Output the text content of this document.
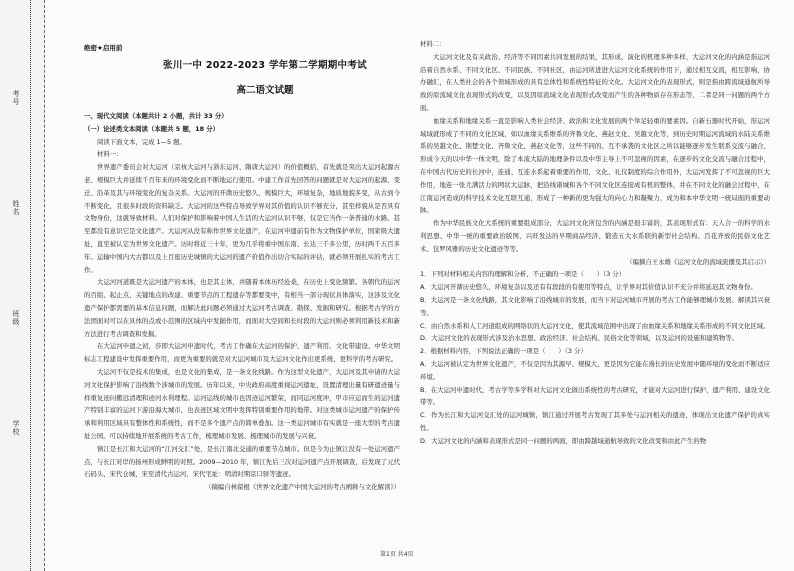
考号
姓名
班级
学校
绝密★启用前
张川一中 2022-2023 学年第二学期期中考试
高二语文试题

一、现代文阅读（本题共计 2 小题，共计 33 分）

（一）论述类文本阅读（本题共 5 题，18 分）

阅读下面文本，完成 1—5 题。

材料一：

世界遗产委员会对大运河（京杭大运河与浙东运河、隋唐大运河）的价值概括，首先就是突出大运河起源古老、规模巨大并延续千百年来的环境变化而不断地运行使用。中建工作首先回答的问题就是对大运河的起源、变迁、沿革及其与环境变化的复杂关系。大运河的开凿历史悠久、规模巨大，环境复杂，地质地貌多变，从古到今不断变化，且很多时段的资料缺乏。大运河的这些特点导致学界对其价值的认识不够充分，甚至样貌从是否具有文物身份，这就导致材料。人们对保护和影响着中国人生活的大运河认识不够，仅是它当作一条普通的水路。甚至都没有意识它是文化遗产。大运河从没有称作世界文化遗产，在运河申遗前有作为文物保护单位，国家级大遗址，直至被认定为世界文化遗产。历时将近三十年，更为几乎将重中国东南、长达三千多公里，历时两千五百多年。运输中国内大古都以及上百座历史城镇的大运河的遗产价值作出切合实际的评估，就必须开展扎实的考古工作。

大运河河道既是大运河遗产的本体，也是其主体，并随着本体历经沧桑，在历史上变化频繁。各朝代的运河的百组、起止点、关键地点的改建、重要节点的工程遗存等都要变中，有相当一部分现状具体落实，这涉及文化遗产保护都需要的基本信息问题，而解决此问题必须通过大运河考古调查、勘探、发掘和研究。根据考古学的方法团面对可以在具体的点或小范围的区域内中发掘作用，而面对大空间和长时段的大运河则必须利用新技术和新方法进行考古调查和发掘。

在大运河申遗之初，莎即大运河申遗时代，考古工作确在大运河的保护、遗产利用、文化带建设、中华文明标志工程建设中发挥重要作用，而更为重要的就是对大运河城市及大运河文化作出更系统、更科学的考古研究。

大运河不仅是技术的集成，也是文化的集成，是一条文化线路。作为这型文化遗产，大运河及其申请的大运河文化保护影响了沿线数个涉城市的发展。历年以来，中央政府高度重视运河遗址，设置清理出量有研遗迹量与样重复迹问搬远清理和迹河水利理程。运河运线的城市也因迹运河繁荣，而同运河度冲，甲市应运而生的运河遗产特别丰富的运河下游沿海大城市，也表迹区域文明中发挥特别重要作用的地带。对这类城市运河遗产的保护传承和利用区域具有整体性和系统性，而不是多个遗产点的简单叠加。这一类运河城市有实就是一座大型的考古遗址公园。可以持续地开展系统的考古工作，梳理城市发展、梳理城市的发展与兴衰。

镇江是长江和大运河的“江河交汇”处，是长江南北交通的重要节点城市。但是今为止镇江没有一处运河遗产点，与长江对岸的扬州形成鲜明的对照。2009—2010 年，镇江先后三次对运河遗产点开展调查，后发现了元代石码头、宋代仓城、宋至清代古运河、宋代宅址：明清时期京口驿等遗迹。

（摘编自林留根《世界文化遗产中国大运河的考古阐释与文化解读》）

材料二：

大运河文化及有关政治、经济等不同因素共同发展的结果，其形成、演化的机理多种多样，大运河文化的内涵是指运河沿着自然水系、不同文化区、不同民族、不同社区，由运河所进进大运河文化系统的作用下，通过相互交流，相互影响，协办融汇，在人类社会的各个领域形成的具有总体性和系统性特征的文化。大运河文化的表现形式，则是指由跨流域通航所导致的原流域文化表现形式的改变，以及因原流域文化表现形式改变而产生的各种物质存在形态等，二者是同一问题的两个方面。

血缘关系和地缘关系一直是影响人类社会经济、政治和文化发展的两个举足轻重的要素因。自新石器时代开始，形运河域域就形成了不同的文化区域，如以血缘关系维系的齐鲁文化、燕赵文化、吴越文化等，到历史时期运河流域的水陆关系维系的吴越文化、荆楚文化、齐鲁文化，燕赵文化等，这些不同的、互不承袭的文化区之所以能够逐步发生联系交流与融合，形成今天的以中华一体文明，除了本流大陆的地理条件以及中华主导上不可忽视的因素，在逐步的文化交流与融合过程中，在中国古代历史的长河中，连通、互连水系起着重要的作用，文化、礼仪制度的综合作用外，大运河发挥了不可忽视的巨大作用，地连一张尤满活力的网状大运脉，把沿线诸城和各个不同文化区连接成有机的整体，并在不同文化的融会过程中，在江南运河造成的科学技术文化互联互通，形成了一种新的更为强大的向心力和凝聚力，成为和本中华文明一统局面的重要动脉。

作为中华民族文化大系统的重要组成部分，大运河文化所包含的内涵是很丰富的，其表现形式有：天人合一的科学的水利思想、中华一统的重要政治版图、兴旺发达的早期商品经济、锻造五大水系联的新型社会结构、百花齐放的民俗文化艺术、包罗风雅的历史文化遗迹等等。

（编摘自王永雄《运河文化的流域流播及其启示》）

1．下列对材料相关内容的理解和分析，不正确的一项是（　　）（3 分）

A．大运河开凿历史悠久、环境复杂以及还有有段段的有使用等特点，让学界对其价值认识不充分并将延迟其文物身份。

B．大运河是一条文化线路，其文化影响了沿线城市的发展，而当下对运河城市开展的考古工作能够理城市发展、解读其兴衰等。

C．由自然水系和人工河道组成的网络状的大运河文化，使其流域范围中出现了由血缘关系和地缘关系形成的不同文化区域。

D．大运河文化的表现形式涉及治水思想、政治经济、社会结构、民俗文化等领域，以及运河的设施和建筑物等。

2．根据材料内容，下列说法正确的一项是（　　）（3 分）

A．大运河被认定为世界文化遗产，不仅是因为其源早、规模大，更是因为它能在漫长的历史发展中随环境的变化而不断适应环境。

B．在大运河申遗时代，考古学等多学科对大运河文化做出系统性的考古研究，才能对大运河进行保护、遗产利用、建设文化带等。

C．作为长江和大运河交汇处的运河城镇，镇江通过开展考古发现了其多处与运河相关的遗迹，体现出文化遗产保护的真实性。

D．大运河文化的内涵和表现形式是同一问题的两面，即由跨越域通航导致的文化改变和由此产生的物

第1页 共4页
